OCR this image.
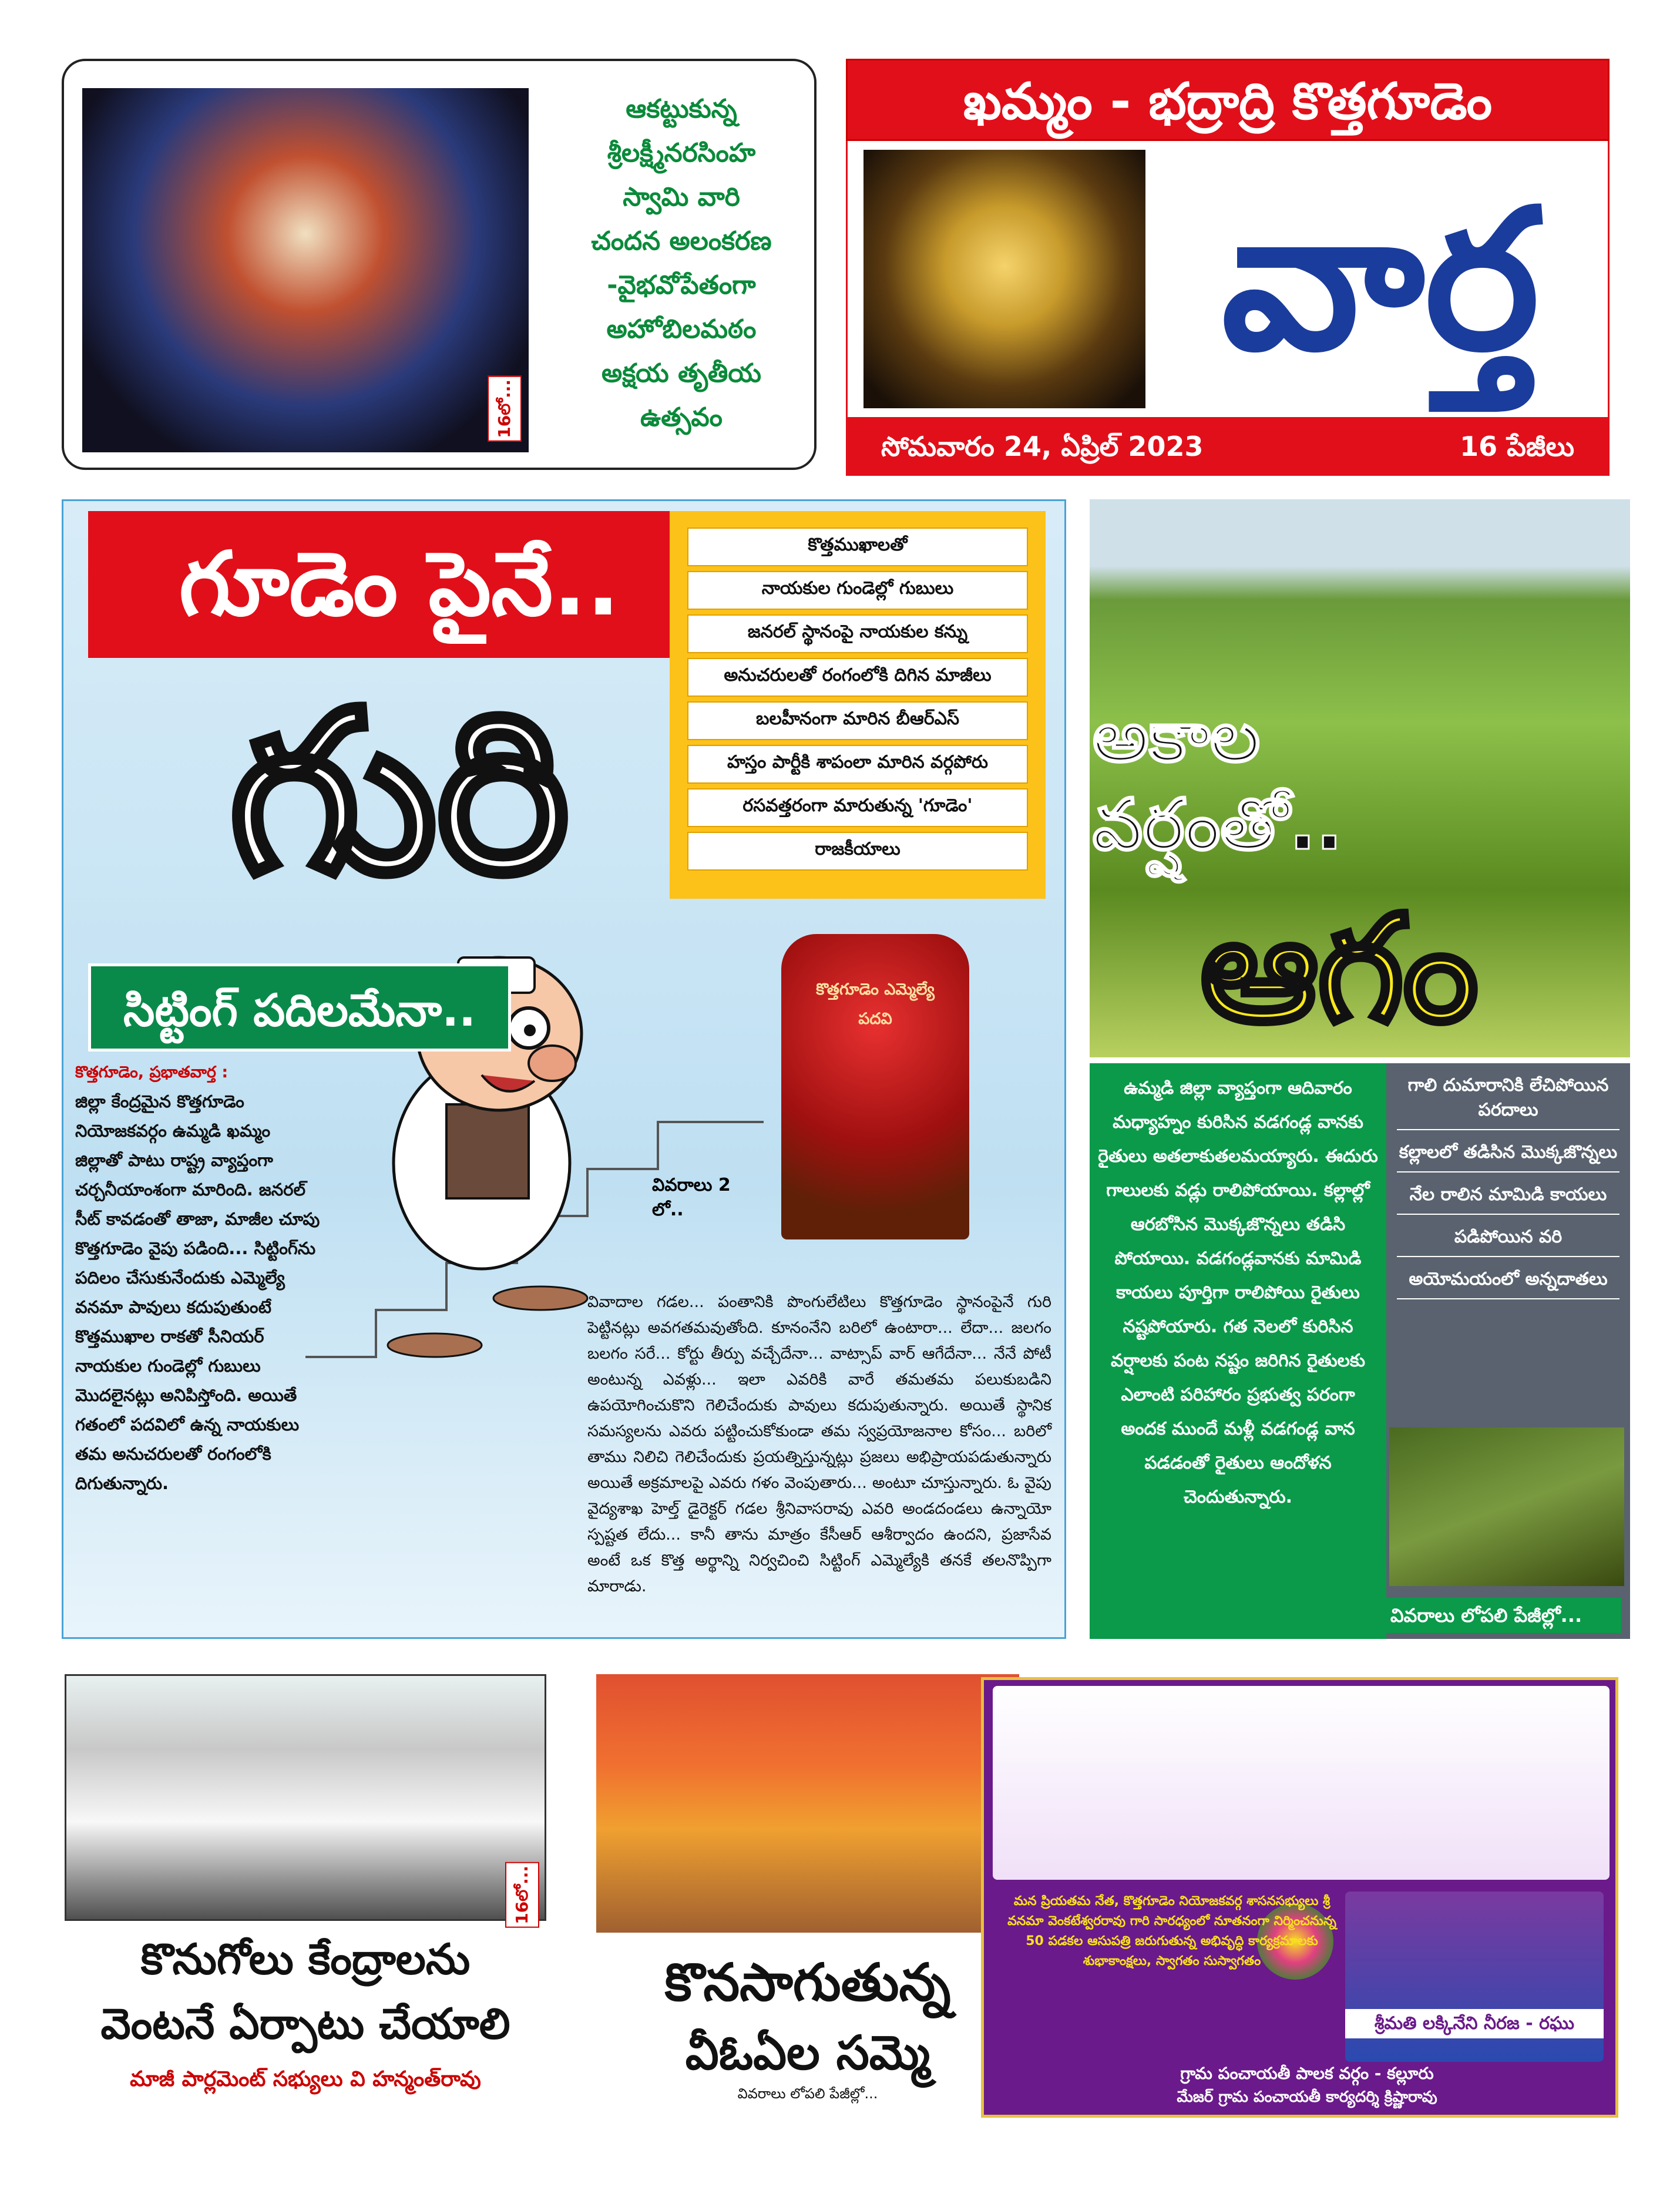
16లో...
ఆకట్టుకున్న
శ్రీలక్ష్మీనరసింహ
స్వామి వారి
చందన అలంకరణ
-వైభవోపేతంగా
అహోబిలమఠం
అక్షయ తృతీయ
ఉత్సవం
ఖమ్మం - భద్రాద్రి కొత్తగూడెం
వార్త
సోమవారం 24, ఏప్రిల్ 2023	16 పేజీలు
గూడెం పైనే..
గురి
కొత్తముఖాలతో
నాయకుల గుండెల్లో గుబులు
జనరల్ స్థానంపై నాయకుల కన్ను
అనుచరులతో రంగంలోకి దిగిన మాజీలు
బలహీనంగా మారిన బీఆర్ఎస్
హస్తం పార్టీకి శాపంలా మారిన వర్గపోరు
రసవత్తరంగా మారుతున్న 'గూడెం'
రాజకీయాలు
కొత్తగూడెం ఎమ్మెల్యే పదవి
వివరాలు 2 లో..
సిట్టింగ్ పదిలమేనా..
కొత్తగూడెం, ప్రభాతవార్త :
జిల్లా కేంద్రమైన కొత్తగూడెం నియోజకవర్గం ఉమ్మడి ఖమ్మం జిల్లాతో పాటు రాష్ట్ర వ్యాప్తంగా చర్చనీయాంశంగా మారింది. జనరల్ సీట్ కావడంతో తాజా, మాజీల చూపు కొత్తగూడెం వైపు పడింది... సిట్టింగ్‌ను పదిలం చేసుకునేందుకు ఎమ్మెల్యే వనమా పావులు కదుపుతుంటే కొత్తముఖాల రాకతో సీనియర్ నాయకుల గుండెల్లో గుబులు మొదలైనట్లు అనిపిస్తోంది. అయితే గతంలో పదవిలో ఉన్న నాయకులు తమ అనుచరులతో రంగంలోకి దిగుతున్నారు.
వివాదాల గడల... పంతానికి పొంగులేటిలు కొత్తగూడెం స్థానంపైనే గురి పెట్టినట్లు అవగతమవుతోంది. కూనంనేని బరిలో ఉంటారా... లేదా... జలగం బలగం సరే... కోర్టు తీర్పు వచ్చేదేనా... వాట్సాప్ వార్ ఆగేదేనా... నేనే పోటీ అంటున్న ఎవళ్లు... ఇలా ఎవరికి వారే తమతమ పలుకుబడిని ఉపయోగించుకొని గెలిచేందుకు పావులు కదుపుతున్నారు. అయితే స్థానిక సమస్యలను ఎవరు పట్టించుకోకుండా తమ స్వప్రయోజనాల కోసం... బరిలో తాము నిలిచి గెలిచేందుకు ప్రయత్నిస్తున్నట్లు ప్రజలు అభిప్రాయపడుతున్నారు అయితే అక్రమాలపై ఎవరు గళం వెంపుతారు... అంటూ చూస్తున్నారు. ఓ వైపు వైద్యశాఖ హెల్త్ డైరెక్టర్ గడల శ్రీనివాసరావు ఎవరి అండదండలు ఉన్నాయో స్పష్టత లేదు... కానీ తాను మాత్రం కేసీఆర్ ఆశీర్వాదం ఉందని, ప్రజాసేవ అంటే ఒక కొత్త అర్థాన్ని నిర్వచించి సిట్టింగ్ ఎమ్మెల్యేకి తనకే తలనొప్పిగా మారాడు.
అకాల వర్షంతో..
ఆగం
ఉమ్మడి జిల్లా వ్యాప్తంగా ఆదివారం మధ్యాహ్నం కురిసిన వడగండ్ల వానకు రైతులు అతలాకుతలమయ్యారు. ఈదురు గాలులకు వడ్లు రాలిపోయాయి. కల్లాల్లో ఆరబోసిన మొక్కజొన్నలు తడిసి పోయాయి. వడగండ్లవానకు మామిడి కాయలు పూర్తిగా రాలిపోయి రైతులు నష్టపోయారు. గత నెలలో కురిసిన వర్షాలకు పంట నష్టం జరిగిన రైతులకు ఎలాంటి పరిహారం ప్రభుత్వ పరంగా అందక ముందే మళ్లీ వడగండ్ల వాన పడడంతో రైతులు ఆందోళన చెందుతున్నారు.
గాలి దుమారానికి లేచిపోయిన పరదాలు
కల్లాలలో తడిసిన మొక్కజొన్నలు
నేల రాలిన మామిడి కాయలు
పడిపోయిన వరి
అయోమయంలో అన్నదాతలు
వివరాలు లోపలి పేజీల్లో...
16లో...
కొనుగోలు కేంద్రాలను
వెంటనే ఏర్పాటు చేయాలి
మాజీ పార్లమెంట్ సభ్యులు వి హన్మంత్‌రావు
కొనసాగుతున్న
వీఓఏల సమ్మె
వివరాలు లోపలి పేజీల్లో...
మన ప్రియతమ నేత, కొత్తగూడెం నియోజకవర్గ శాసనసభ్యులు శ్రీ వనమా వెంకటేశ్వరరావు గారి సారధ్యంలో నూతనంగా నిర్మించనున్న 50 పడకల ఆసుపత్రి జరుగుతున్న అభివృద్ధి కార్యక్రమాలకు శుభాకాంక్షలు, స్వాగతం సుస్వాగతం
శ్రీమతి లక్కినేని నీరజ - రఘు
గ్రామ పంచాయతీ పాలక వర్గం - కల్లూరు
మేజర్ గ్రామ పంచాయతీ కార్యదర్శి క్రిష్ణారావు
